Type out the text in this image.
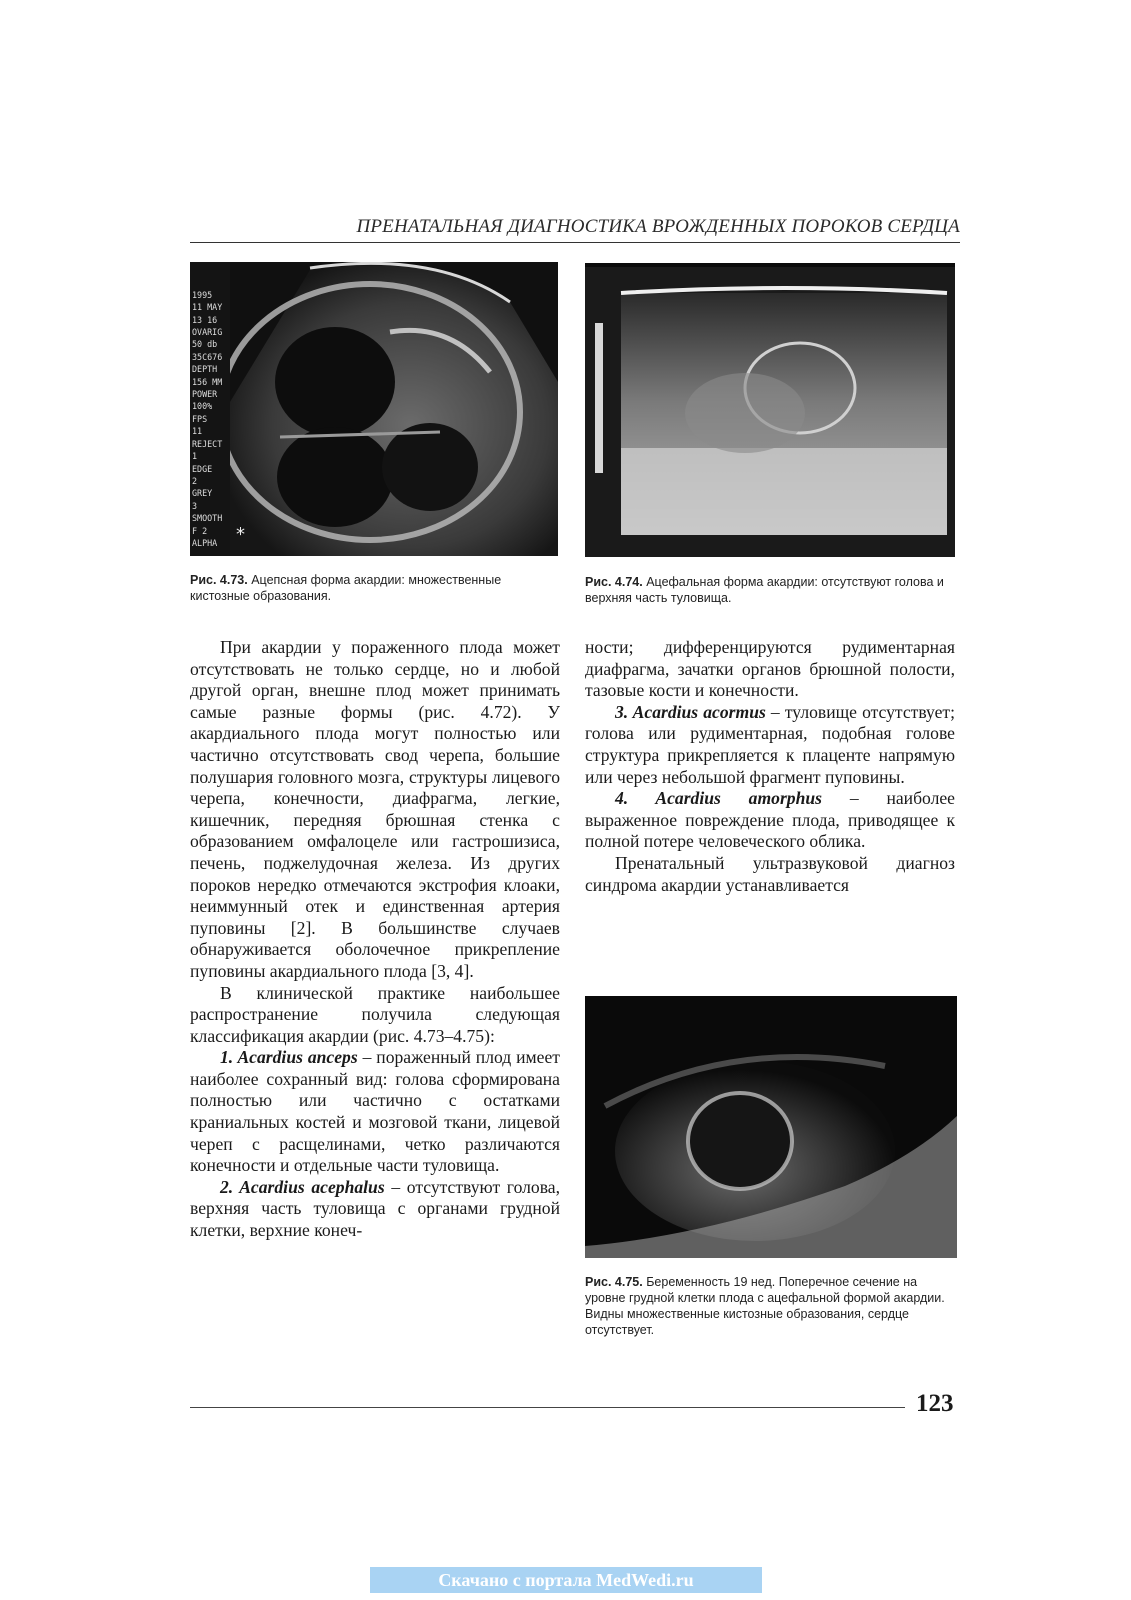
ПРЕНАТАЛЬНАЯ ДИАГНОСТИКА ВРОЖДЕННЫХ ПОРОКОВ СЕРДЦА

1995
11 MAY
13 16
OVARIG
50 db
35C676
DEPTH
156 MM
POWER
100%
FPS
11
REJECT
1
EDGE
2
GREY
3
SMOOTH
F 2
ALPHA

*
Рис. 4.73. Ацепсная форма акардии: множественные кистозные образования.
Рис. 4.74. Ацефальная форма акардии: отсутствуют голова и верхняя часть туловища.

При акардии у пораженного плода может отсутствовать не только сердце, но и любой другой орган, внешне плод может принимать самые разные формы (рис. 4.72). У акардиального плода могут полностью или частично отсутствовать свод черепа, большие полушария головного мозга, структуры лицевого черепа, конечности, диафрагма, легкие, кишечник, передняя брюшная стенка с образованием омфалоцеле или гастрошизиса, печень, поджелудочная железа. Из других пороков нередко отмечаются экстрофия клоаки, неиммунный отек и единственная артерия пуповины [2]. В большинстве случаев обнаруживается оболочечное прикрепление пуповины акардиального плода [3, 4].

В клинической практике наибольшее распространение получила следующая классификация акардии (рис. 4.73–4.75):

1. Acardius anceps – пораженный плод имеет наиболее сохранный вид: голова сформирована полностью или частично с остатками краниальных костей и мозговой ткани, лицевой череп с расщелинами, четко различаются конечности и отдельные части туловища.

2. Acardius acephalus – отсутствуют голова, верхняя часть туловища с органами грудной клетки, верхние конеч-

ности; дифференцируются рудиментарная диафрагма, зачатки органов брюшной полости, тазовые кости и конечности.

3. Acardius acormus – туловище отсутствует; голова или рудиментарная, подобная голове структура прикрепляется к плаценте напрямую или через небольшой фрагмент пуповины.

4. Acardius amorphus – наиболее выраженное повреждение плода, приводящее к полной потере человеческого облика.

Пренатальный ультразвуковой диагноз синдрома акардии устанавливается

Рис. 4.75. Беременность 19 нед. Поперечное сечение на уровне грудной клетки плода с ацефальной формой акардии. Видны множественные кистозные образования, сердце отсутствует.
123
Скачано с портала MedWedi.ru
